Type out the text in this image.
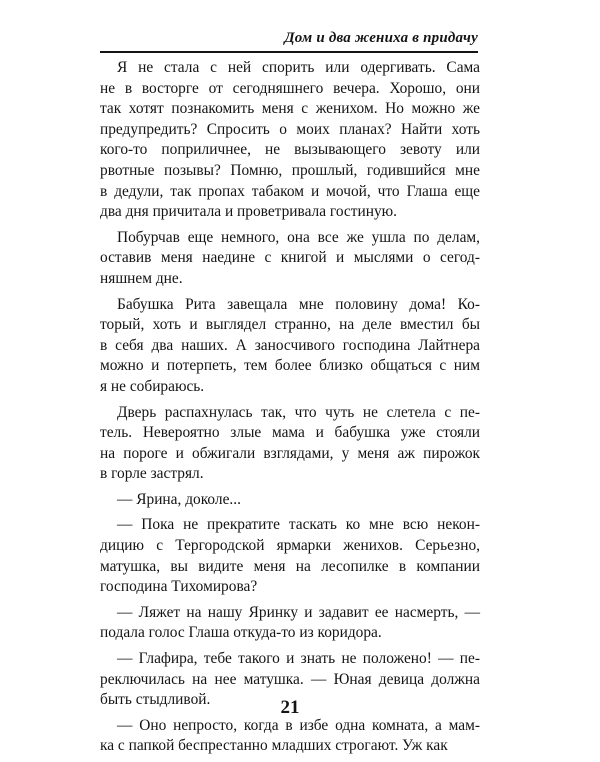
Дом и два жениха в придачу

Я не стала с ней спорить или одергивать. Сама
не в восторге от сегодняшнего вечера. Хорошо, они
так хотят познакомить меня с женихом. Но можно же
предупредить? Спросить о моих планах? Найти хоть
кого-то поприличнее, не вызывающего зевоту или
рвотные позывы? Помню, прошлый, годившийся мне
в дедули, так пропах табаком и мочой, что Глаша еще
два дня причитала и проветривала гостиную.

Побурчав еще немного, она все же ушла по делам,
оставив меня наедине с книгой и мыслями о сегод-
няшнем дне.

Бабушка Рита завещала мне половину дома! Ко-
торый, хоть и выглядел странно, на деле вместил бы
в себя два наших. А заносчивого господина Лайтнера
можно и потерпеть, тем более близко общаться с ним
я не собираюсь.

Дверь распахнулась так, что чуть не слетела с пе-
тель. Невероятно злые мама и бабушка уже стояли
на пороге и обжигали взглядами, у меня аж пирожок
в горле застрял.

— Ярина, доколе...

— Пока не прекратите таскать ко мне всю некон-
дицию с Тергородской ярмарки женихов. Серьезно,
матушка, вы видите меня на лесопилке в компании
господина Тихомирова?

— Ляжет на нашу Яринку и задавит ее насмерть, —
подала голос Глаша откуда-то из коридора.

— Глафира, тебе такого и знать не положено! — пе-
реключилась на нее матушка. — Юная девица должна
быть стыдливой.

— Оно непросто, когда в избе одна комната, а мам-
ка с папкой беспрестанно младших строгают. Уж как

21
